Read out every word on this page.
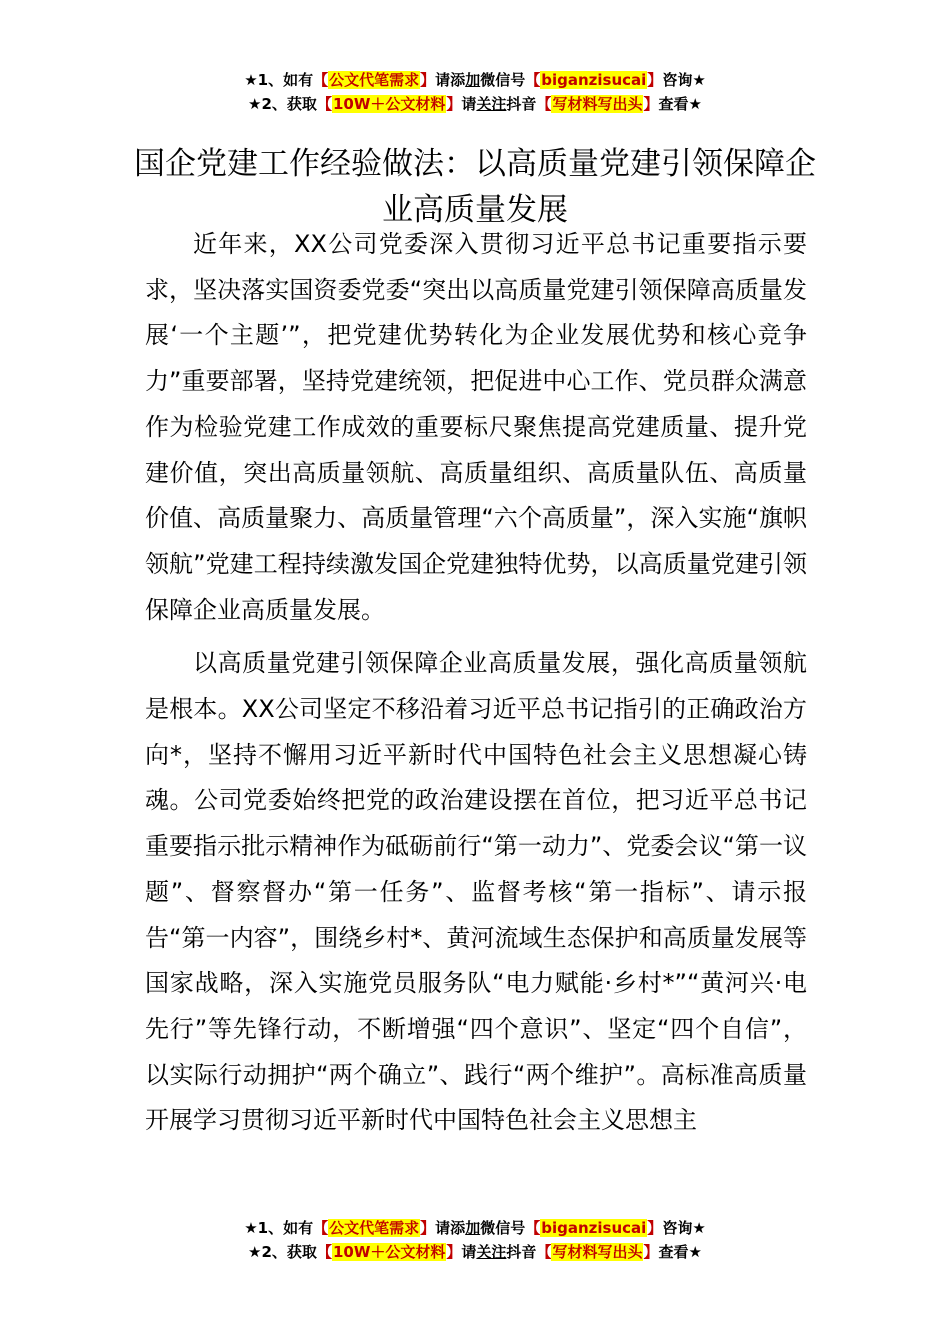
★1、如有【公文代笔需求】请添加微信号【biganzisucai】咨询★
★2、获取【10W＋公文材料】请关注抖音【写材料写出头】查看★
国企党建工作经验做法：以高质量党建引领保障企业高质量发展

近年来，XX公司党委深入贯彻习近平总书记重要指示要求，坚决落实国资委党委“突出以高质量党建引领保障高质量发展‘一个主题’”，把党建优势转化为企业发展优势和核心竞争力”重要部署，坚持党建统领，把促进中心工作、党员群众满意作为检验党建工作成效的重要标尺聚焦提高党建质量、提升党建价值，突出高质量领航、高质量组织、高质量队伍、高质量价值、高质量聚力、高质量管理“六个高质量”，深入实施“旗帜领航”党建工程持续激发国企党建独特优势，以高质量党建引领保障企业高质量发展。

以高质量党建引领保障企业高质量发展，强化高质量领航是根本。XX公司坚定不移沿着习近平总书记指引的正确政治方向*，坚持不懈用习近平新时代中国特色社会主义思想凝心铸魂。公司党委始终把党的政治建设摆在首位，把习近平总书记重要指示批示精神作为砥砺前行“第一动力”、党委会议“第一议题”、督察督办“第一任务”、监督考核“第一指标”、请示报告“第一内容”，围绕乡村*、黄河流域生态保护和高质量发展等国家战略，深入实施党员服务队“电力赋能·乡村*”“黄河兴·电先行”等先锋行动，不断增强“四个意识”、坚定“四个自信”，以实际行动拥护“两个确立”、践行“两个维护”。高标准高质量开展学习贯彻习近平新时代中国特色社会主义思想主

★1、如有【公文代笔需求】请添加微信号【biganzisucai】咨询★
★2、获取【10W＋公文材料】请关注抖音【写材料写出头】查看★
